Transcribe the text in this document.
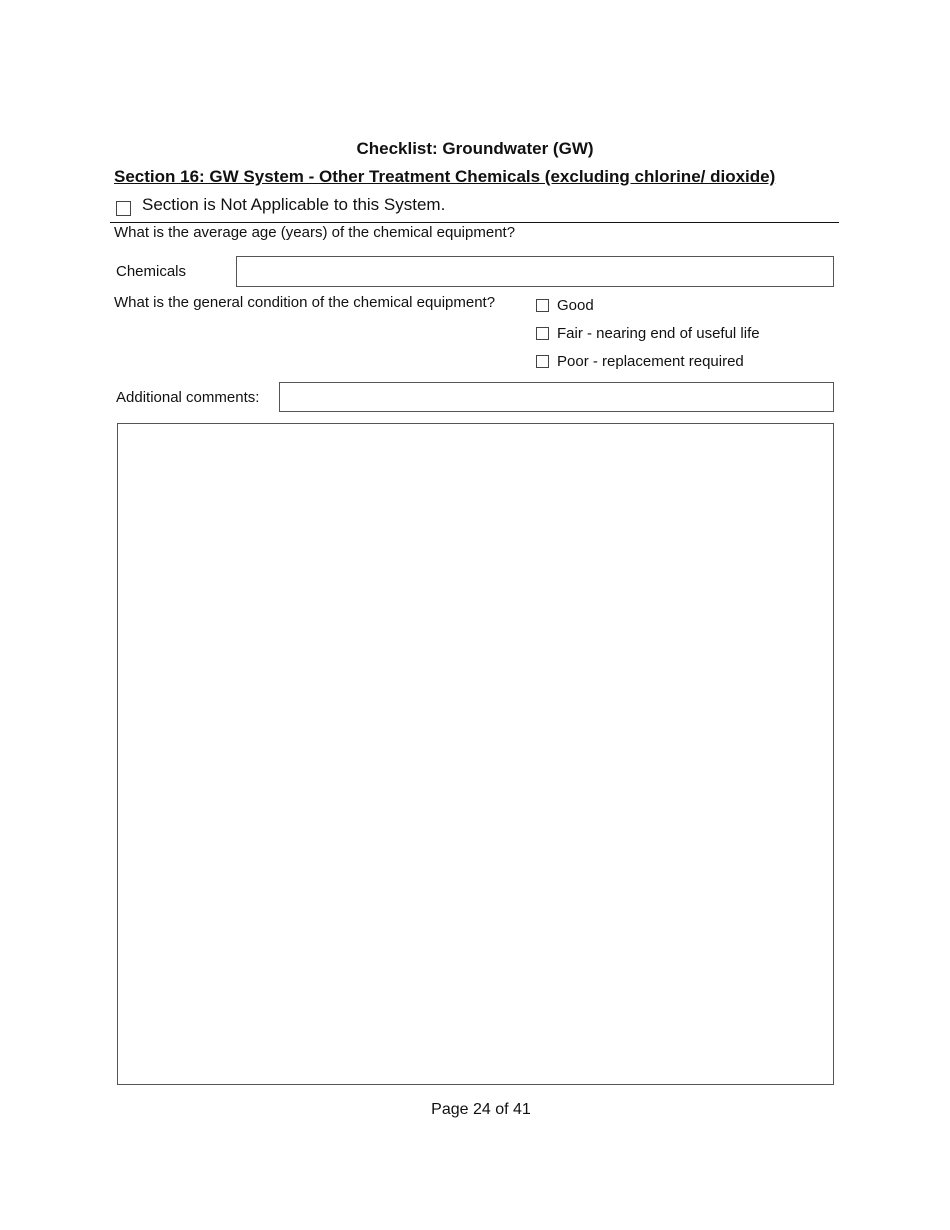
Checklist: Groundwater (GW)
Section 16: GW System - Other Treatment Chemicals (excluding chlorine/ dioxide)
Section is Not Applicable to this System.
What is the average age (years) of the chemical equipment?
Chemicals
What is the general condition of the chemical equipment?	Good
Fair - nearing end of useful life
Poor - replacement required
Additional comments:
Page 24 of 41
